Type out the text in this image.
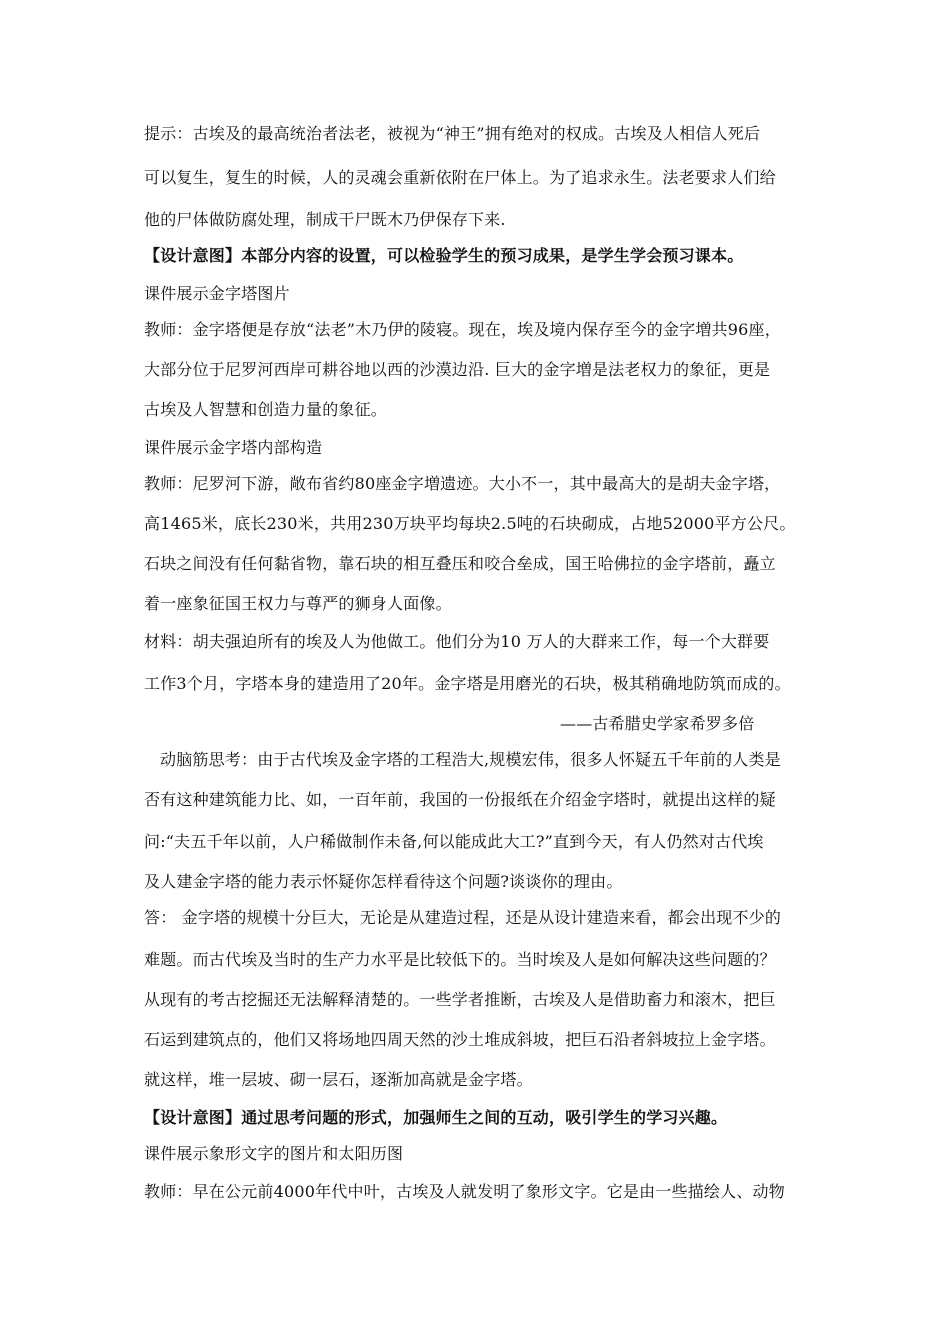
提示：古埃及的最高统治者法老，被视为“神王”拥有绝对的权成。古埃及人相信人死后
可以复生，复生的时候，人的灵魂会重新依附在尸体上。为了追求永生。法老要求人们给
他的尸体做防腐处理，制成干尸既木乃伊保存下来.
【设计意图】本部分内容的设置，可以检验学生的预习成果，是学生学会预习课本。
课件展示金字塔图片
教师：金字塔便是存放“法老”木乃伊的陵寝。现在，埃及境内保存至今的金字増共96座，
大部分位于尼罗河西岸可耕谷地以西的沙漠边沿. 巨大的金字増是法老权力的象征，更是
古埃及人智慧和创造力量的象征。
课件展示金字塔内部构造
教师：尼罗河下游，敞布省约80座金字増遗迹。大小不一，其中最高大的是胡夫金字塔，
高1465米，底长230米，共用230万块平均每块2.5吨的石块砌成，占地52000平方公尺。
石块之间没有任何黏省物，靠石块的相互叠压和咬合垒成，国王哈佛拉的金字塔前，矗立
着一座象征国王权力与尊严的狮身人面像。
材料：胡夫强迫所有的埃及人为他做工。他们分为10 万人的大群来工作，每一个大群要
工作3个月，字塔本身的建造用了20年。金字塔是用磨光的石块，极其稍确地防筑而成的。
——古希腊史学家希罗多倍
动脑筋思考：由于古代埃及金字塔的工程浩大,规模宏伟，很多人怀疑五千年前的人类是
否有这种建筑能力比、如，一百年前，我国的一份报纸在介绍金字塔时，就提出这样的疑
问:“夫五千年以前，人户稀做制作未备,何以能成此大工?”直到今天，有人仍然对古代埃
及人建金字塔的能力表示怀疑你怎样看待这个问题?谈谈你的理由。
答： 金字塔的规模十分巨大，无论是从建造过程，还是从设计建造来看，都会出现不少的
难题。而古代埃及当时的生产力水平是比较低下的。当时埃及人是如何解决这些问题的？
从现有的考古挖掘还无法解释清楚的。一些学者推断，古埃及人是借助畜力和滚木，把巨
石运到建筑点的，他们又将场地四周天然的沙土堆成斜坡，把巨石沿者斜坡拉上金字塔。
就这样，堆一层坡、砌一层石，逐渐加高就是金字塔。
【设计意图】通过思考问题的形式，加强师生之间的互动，吸引学生的学习兴趣。
课件展示象形文字的图片和太阳历图
教师：早在公元前4000年代中叶，古埃及人就发明了象形文字。它是由一些描绘人、动物
